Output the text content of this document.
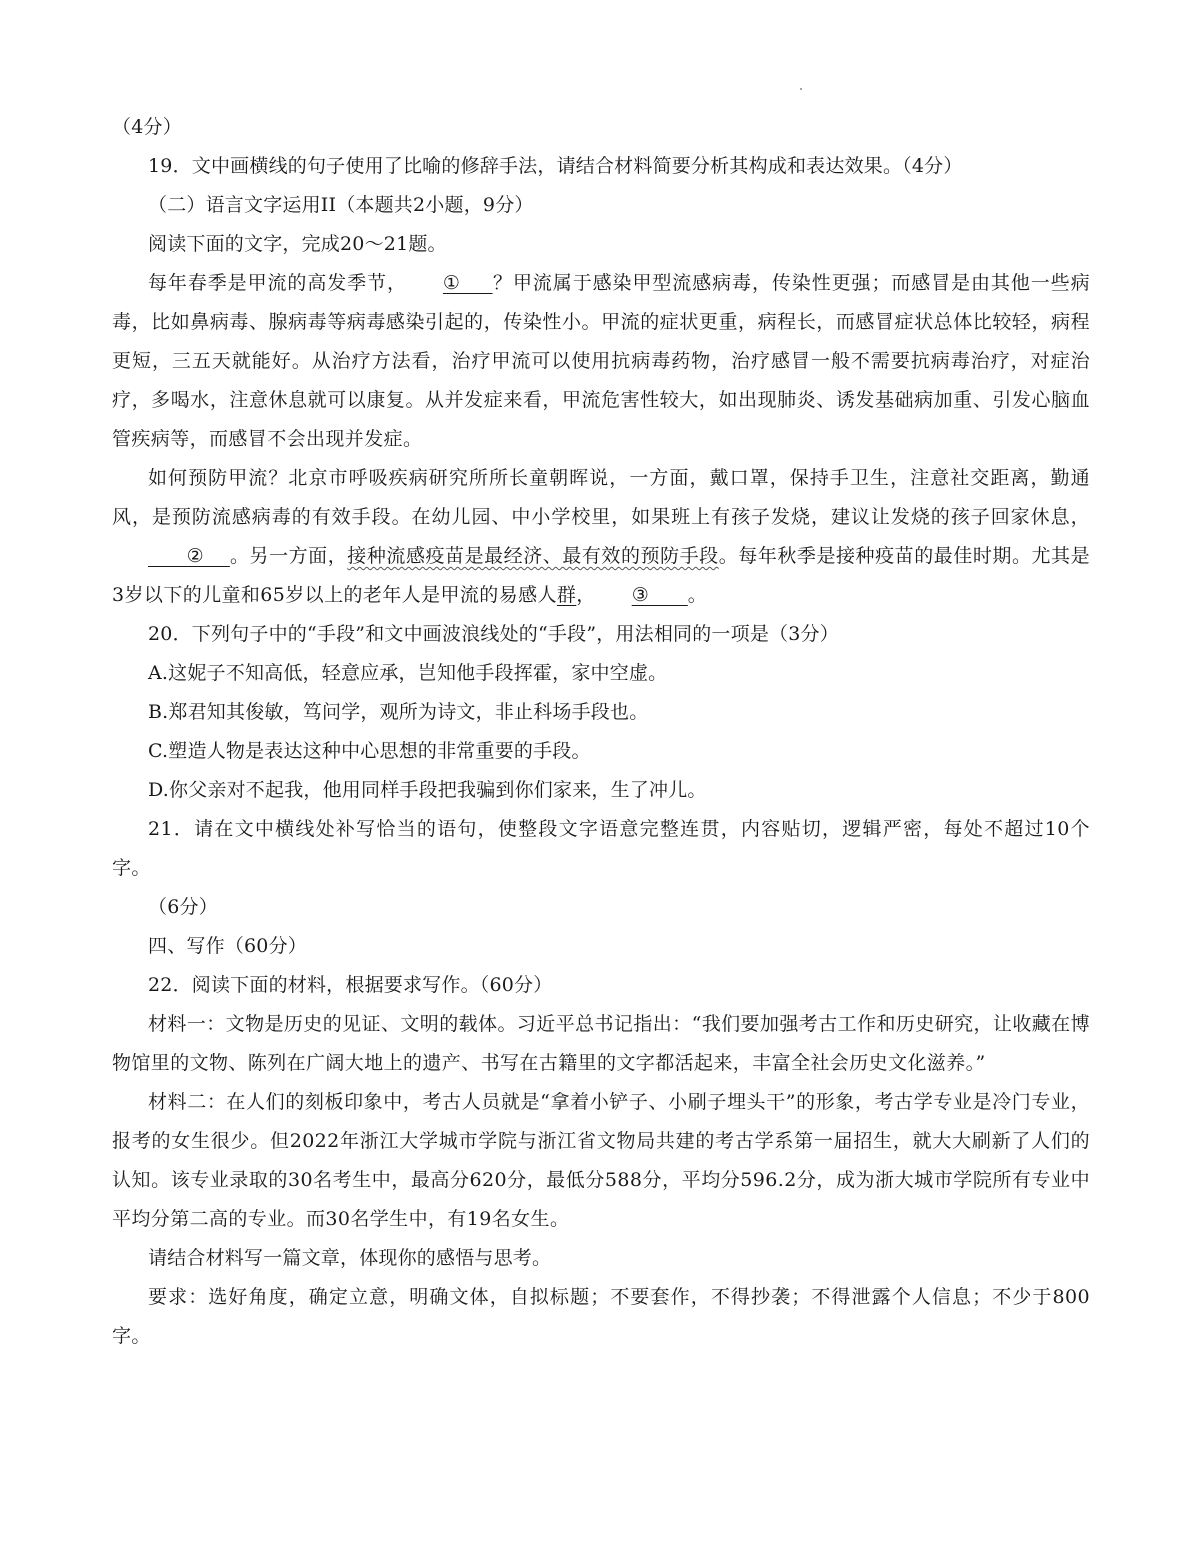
（4分）

19．文中画横线的句子使用了比喻的修辞手法，请结合材料简要分析其构成和表达效果。（4分）

（二）语言文字运用II（本题共2小题，9分）

阅读下面的文字，完成20～21题。

每年春季是甲流的高发季节， ①     ？甲流属于感染甲型流感病毒，传染性更强；而感冒是由其他一些病毒，比如鼻病毒、腺病毒等病毒感染引起的，传染性小。甲流的症状更重，病程长，而感冒症状总体比较轻，病程更短，三五天就能好。从治疗方法看，治疗甲流可以使用抗病毒药物，治疗感冒一般不需要抗病毒治疗，对症治疗，多喝水，注意休息就可以康复。从并发症来看，甲流危害性较大，如出现肺炎、诱发基础病加重、引发心脑血管疾病等，而感冒不会出现并发症。

如何预防甲流？北京市呼吸疾病研究所所长童朝晖说，一方面，戴口罩，保持手卫生，注意社交距离，勤通风，是预防流感病毒的有效手段。在幼儿园、中小学校里，如果班上有孩子发烧，建议让发烧的孩子回家休息，      ②    。另一方面，接种流感疫苗是最经济、最有效的预防手段。每年秋季是接种疫苗的最佳时期。尤其是3岁以下的儿童和65岁以上的老年人是甲流的易感人群， ③      。

20．下列句子中的“手段”和文中画波浪线处的“手段”，用法相同的一项是（3分）

A.这妮子不知高低，轻意应承，岂知他手段挥霍，家中空虚。

B.郑君知其俊敏，笃问学，观所为诗文，非止科场手段也。

C.塑造人物是表达这种中心思想的非常重要的手段。

D.你父亲对不起我，他用同样手段把我骗到你们家来，生了冲儿。

21．请在文中横线处补写恰当的语句，使整段文字语意完整连贯，内容贴切，逻辑严密，每处不超过10个字。

（6分）

四、写作（60分）

22．阅读下面的材料，根据要求写作。（60分）

材料一：文物是历史的见证、文明的载体。习近平总书记指出：“我们要加强考古工作和历史研究，让收藏在博物馆里的文物、陈列在广阔大地上的遗产、书写在古籍里的文字都活起来，丰富全社会历史文化滋养。”

材料二：在人们的刻板印象中，考古人员就是“拿着小铲子、小刷子埋头干”的形象，考古学专业是冷门专业，报考的女生很少。但2022年浙江大学城市学院与浙江省文物局共建的考古学系第一届招生，就大大刷新了人们的认知。该专业录取的30名考生中，最高分620分，最低分588分，平均分596.2分，成为浙大城市学院所有专业中平均分第二高的专业。而30名学生中，有19名女生。

请结合材料写一篇文章，体现你的感悟与思考。

要求：选好角度，确定立意，明确文体，自拟标题；不要套作，不得抄袭；不得泄露个人信息；不少于800字。
